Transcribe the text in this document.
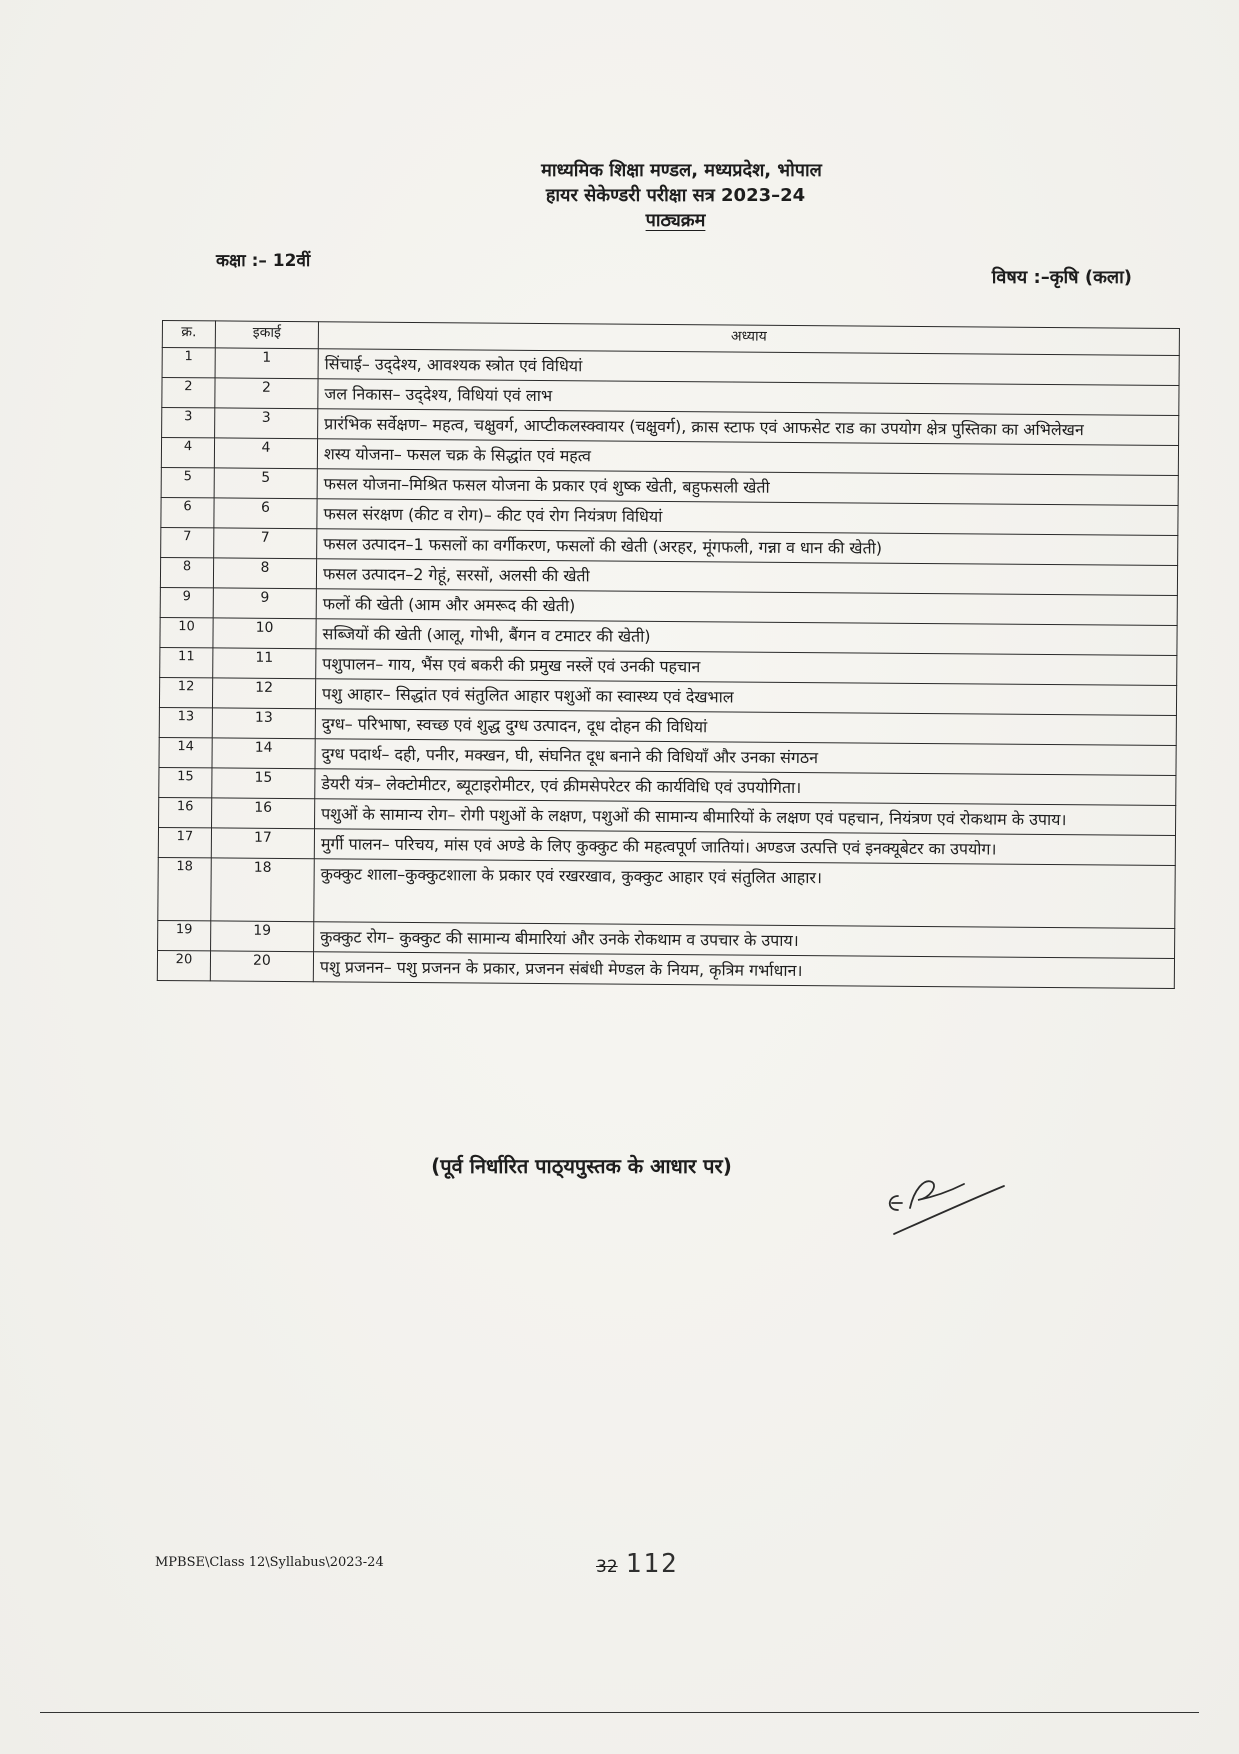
माध्यमिक शिक्षा मण्डल, मध्यप्रदेश, भोपाल
हायर सेकेण्डरी परीक्षा सत्र 2023–24
पाठ्यक्रम
कक्षा :– 12वीं
विषय :–कृषि (कला)
क्र.	इकाई	अध्याय
1	1	सिंचाई– उद्‌देश्य, आवश्यक स्त्रोत एवं विधियां
2	2	जल निकास– उद्‌देश्य, विधियां एवं लाभ
3	3	प्रारंभिक सर्वेक्षण– महत्व, चक्षुवर्ग, आप्टीकलस्क्वायर (चक्षुवर्ग), क्रास स्टाफ एवं आफसेट राड का उपयोग क्षेत्र पुस्तिका का अभिलेखन
4	4	शस्य योजना– फसल चक्र के सिद्धांत एवं महत्व
5	5	फसल योजना–मिश्रित फसल योजना के प्रकार एवं शुष्क खेती, बहुफसली खेती
6	6	फसल संरक्षण (कीट व रोग)– कीट एवं रोग नियंत्रण विधियां
7	7	फसल उत्पादन–1 फसलों का वर्गीकरण, फसलों की खेती (अरहर, मूंगफली, गन्ना व धान की खेती)
8	8	फसल उत्पादन–2 गेहूं, सरसों, अलसी की खेती
9	9	फलों की खेती (आम और अमरूद की खेती)
10	10	सब्जियों की खेती (आलू, गोभी, बैंगन व टमाटर की खेती)
11	11	पशुपालन– गाय, भैंस एवं बकरी की प्रमुख नस्लें एवं उनकी पहचान
12	12	पशु आहार– सिद्धांत एवं संतुलित आहार पशुओं का स्वास्थ्य एवं देखभाल
13	13	दुग्ध– परिभाषा, स्वच्छ एवं शुद्ध दुग्ध उत्पादन, दूध दोहन की विधियां
14	14	दुग्ध पदार्थ– दही, पनीर, मक्खन, घी, संघनित दूध बनाने की विधियॉं और उनका संगठन
15	15	डेयरी यंत्र– लेक्टोमीटर, ब्यूटाइरोमीटर, एवं क्रीमसेपरेटर की कार्यविधि एवं उपयोगिता।
16	16	पशुओं के सामान्य रोग– रोगी पशुओं के लक्षण, पशुओं की सामान्य बीमारियों के लक्षण एवं पहचान, नियंत्रण एवं रोकथाम के उपाय।
17	17	मुर्गी पालन– परिचय, मांस एवं अण्डे के लिए कुक्कुट की महत्वपूर्ण जातियां। अण्डज उत्पत्ति एवं इनक्यूबेटर का उपयोग।
18	18	कुक्कुट शाला–कुक्कुटशाला के प्रकार एवं रखरखाव, कुक्कुट आहार एवं संतुलित आहार।
19	19	कुक्कुट रोग– कुक्कुट की सामान्य बीमारियां और उनके रोकथाम व उपचार के उपाय।
20	20	पशु प्रजनन– पशु प्रजनन के प्रकार, प्रजनन संबंधी मेण्डल के नियम, कृत्रिम गर्भाधान।
(पूर्व निर्धारित पाठ्‌यपुस्तक के आधार पर)
MPBSE\Class 12\Syllabus\2023-24	32 112
